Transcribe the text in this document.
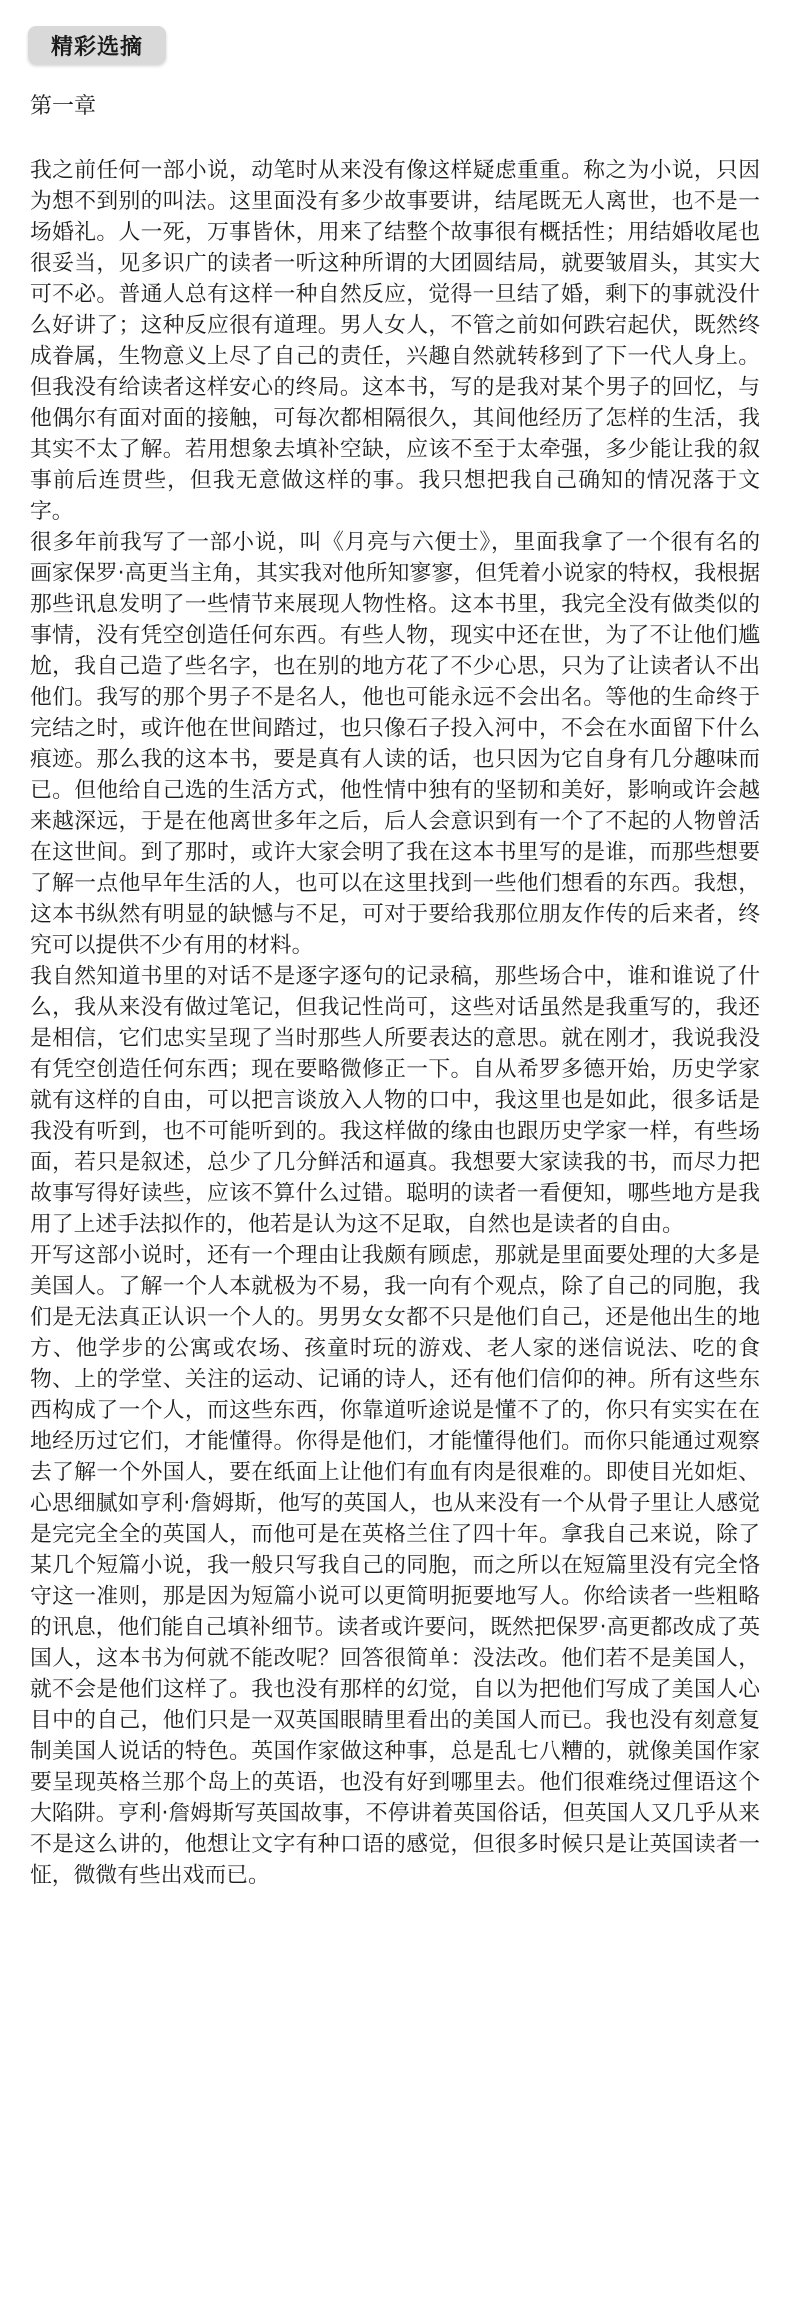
精彩选摘
第一章

我之前任何一部小说，动笔时从来没有像这样疑虑重重。称之为小说，只因为想不到别的叫法。这里面没有多少故事要讲，结尾既无人离世，也不是一场婚礼。人一死，万事皆休，用来了结整个故事很有概括性；用结婚收尾也很妥当，见多识广的读者一听这种所谓的大团圆结局，就要皱眉头，其实大可不必。普通人总有这样一种自然反应，觉得一旦结了婚，剩下的事就没什么好讲了；这种反应很有道理。男人女人，不管之前如何跌宕起伏，既然终成眷属，生物意义上尽了自己的责任，兴趣自然就转移到了下一代人身上。但我没有给读者这样安心的终局。这本书，写的是我对某个男子的回忆，与他偶尔有面对面的接触，可每次都相隔很久，其间他经历了怎样的生活，我其实不太了解。若用想象去填补空缺，应该不至于太牵强，多少能让我的叙事前后连贯些，但我无意做这样的事。我只想把我自己确知的情况落于文字。

很多年前我写了一部小说，叫《月亮与六便士》，里面我拿了一个很有名的画家保罗·高更当主角，其实我对他所知寥寥，但凭着小说家的特权，我根据那些讯息发明了一些情节来展现人物性格。这本书里，我完全没有做类似的事情，没有凭空创造任何东西。有些人物，现实中还在世，为了不让他们尴尬，我自己造了些名字，也在别的地方花了不少心思，只为了让读者认不出他们。我写的那个男子不是名人，他也可能永远不会出名。等他的生命终于完结之时，或许他在世间踏过，也只像石子投入河中，不会在水面留下什么痕迹。那么我的这本书，要是真有人读的话，也只因为它自身有几分趣味而已。但他给自己选的生活方式，他性情中独有的坚韧和美好，影响或许会越来越深远，于是在他离世多年之后，后人会意识到有一个了不起的人物曾活在这世间。到了那时，或许大家会明了我在这本书里写的是谁，而那些想要了解一点他早年生活的人，也可以在这里找到一些他们想看的东西。我想，这本书纵然有明显的缺憾与不足，可对于要给我那位朋友作传的后来者，终究可以提供不少有用的材料。

我自然知道书里的对话不是逐字逐句的记录稿，那些场合中，谁和谁说了什么，我从来没有做过笔记，但我记性尚可，这些对话虽然是我重写的，我还是相信，它们忠实呈现了当时那些人所要表达的意思。就在刚才，我说我没有凭空创造任何东西；现在要略微修正一下。自从希罗多德开始，历史学家就有这样的自由，可以把言谈放入人物的口中，我这里也是如此，很多话是我没有听到，也不可能听到的。我这样做的缘由也跟历史学家一样，有些场面，若只是叙述，总少了几分鲜活和逼真。我想要大家读我的书，而尽力把故事写得好读些，应该不算什么过错。聪明的读者一看便知，哪些地方是我用了上述手法拟作的，他若是认为这不足取，自然也是读者的自由。

开写这部小说时，还有一个理由让我颇有顾虑，那就是里面要处理的大多是美国人。了解一个人本就极为不易，我一向有个观点，除了自己的同胞，我们是无法真正认识一个人的。男男女女都不只是他们自己，还是他出生的地方、他学步的公寓或农场、孩童时玩的游戏、老人家的迷信说法、吃的食物、上的学堂、关注的运动、记诵的诗人，还有他们信仰的神。所有这些东西构成了一个人，而这些东西，你靠道听途说是懂不了的，你只有实实在在地经历过它们，才能懂得。你得是他们，才能懂得他们。而你只能通过观察去了解一个外国人，要在纸面上让他们有血有肉是很难的。即使目光如炬、心思细腻如亨利·詹姆斯，他写的英国人，也从来没有一个从骨子里让人感觉是完完全全的英国人，而他可是在英格兰住了四十年。拿我自己来说，除了某几个短篇小说，我一般只写我自己的同胞，而之所以在短篇里没有完全恪守这一准则，那是因为短篇小说可以更简明扼要地写人。你给读者一些粗略的讯息，他们能自己填补细节。读者或许要问，既然把保罗·高更都改成了英国人，这本书为何就不能改呢？回答很简单：没法改。他们若不是美国人，就不会是他们这样了。我也没有那样的幻觉，自以为把他们写成了美国人心目中的自己，他们只是一双英国眼睛里看出的美国人而已。我也没有刻意复制美国人说话的特色。英国作家做这种事，总是乱七八糟的，就像美国作家要呈现英格兰那个岛上的英语，也没有好到哪里去。他们很难绕过俚语这个大陷阱。亨利·詹姆斯写英国故事，不停讲着英国俗话，但英国人又几乎从来不是这么讲的，他想让文字有种口语的感觉，但很多时候只是让英国读者一怔，微微有些出戏而已。
